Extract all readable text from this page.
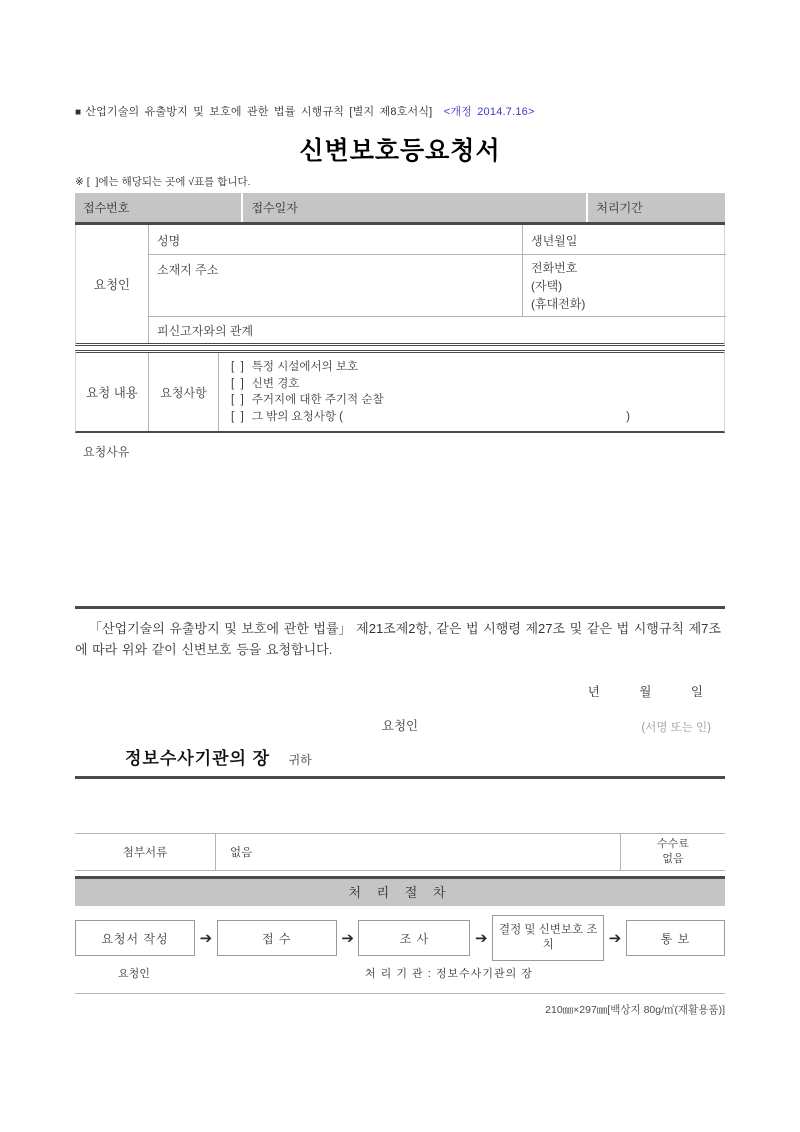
■ 산업기술의 유출방지 및 보호에 관한 법률 시행규칙 [별지 제8호서식] <개정 2014.7.16>
신변보호등요청서
※ [  ]에는 해당되는 곳에 √표를 합니다.
접수번호	접수일자	처리기간
요청인
성명	생년월일
소재지 주소	전화번호
(자택)
(휴대전화)
피신고자와의 관계
요청 내용	요청사항
[  ] 특정 시설에서의 보호
[  ] 신변 경호
[  ] 주거지에 대한 주기적 순찰
[  ] 그 밖의 요청사항 (	)
요청사유
「산업기술의 유출방지 및 보호에 관한 법률」 제21조제2항, 같은 법 시행령 제27조 및 같은 법 시행규칙 제7조에 따라 위와 같이 신변보호 등을 요청합니다.
년	월	일
요청인	(서명 또는 인)
정보수사기관의 장 귀하
첨부서류	없음
수수료
없음
처 리 절 차
요청서 작성	➔	접 수	➔	조 사	➔ 결정 및 신변보호 조치	➔	통 보
요청인	처 리 기 관 : 정보수사기관의 장
210㎜×297㎜[백상지 80g/㎡(재활용품)]
